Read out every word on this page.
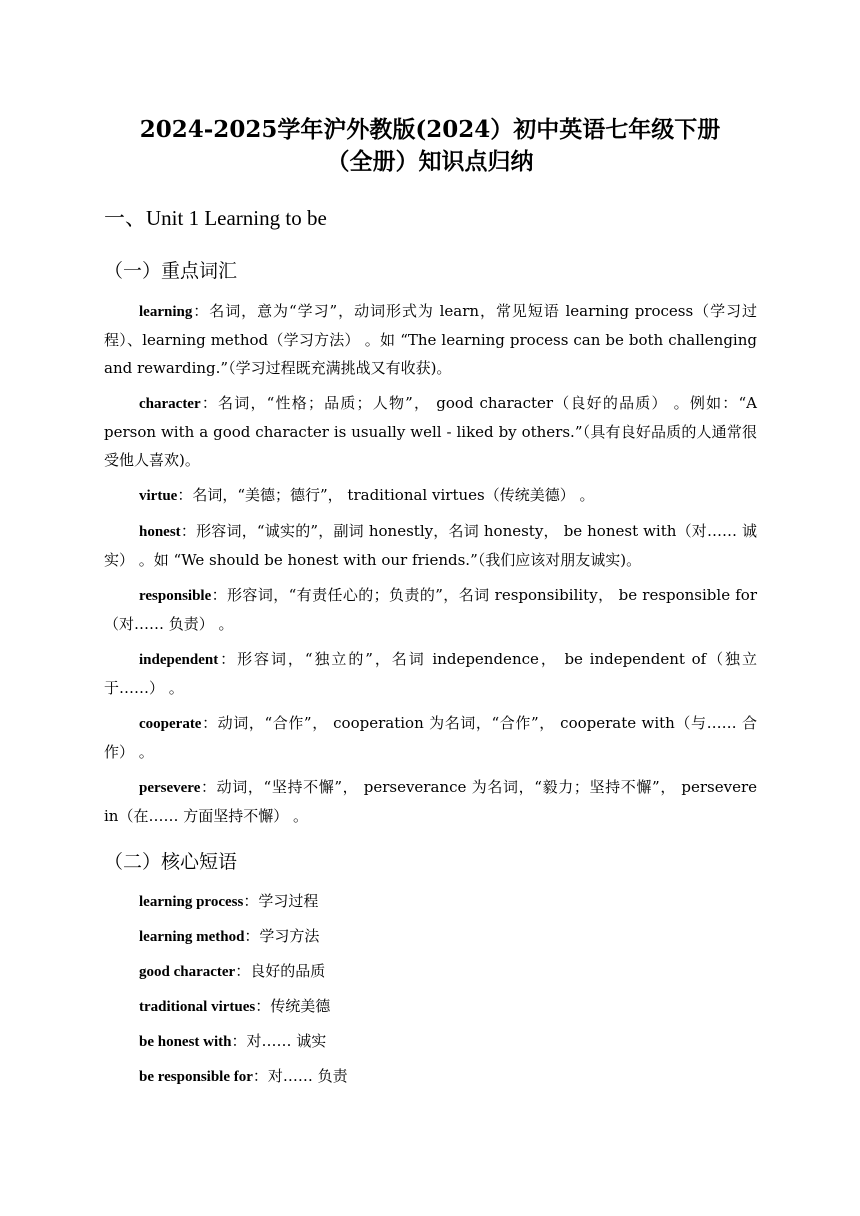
2024-2025学年沪外教版(2024）初中英语七年级下册
（全册）知识点归纳
一、Unit 1 Learning to be
（一）重点词汇

learning：名词，意为“学习”，动词形式为 learn，常见短语 learning process（学习过程）、learning method（学习方法） 。如 “The learning process can be both challenging and rewarding.”（学习过程既充满挑战又有收获)。

character：名词，“性格；品质；人物”， good character（良好的品质） 。例如：“A person with a good character is usually well - liked by others.”（具有良好品质的人通常很受他人喜欢)。

virtue：名词，“美德；德行”， traditional virtues（传统美德） 。

honest：形容词，“诚实的”，副词 honestly，名词 honesty， be honest with（对…… 诚实） 。如 “We should be honest with our friends.”（我们应该对朋友诚实)。

responsible：形容词，“有责任心的；负责的”，名词 responsibility， be responsible for（对…… 负责） 。

independent：形容词，“独立的”，名词 independence， be independent of（独立于……） 。

cooperate：动词，“合作”， cooperation 为名词，“合作”， cooperate with（与…… 合作） 。

persevere：动词，“坚持不懈”， perseverance 为名词，“毅力；坚持不懈”， persevere in（在…… 方面坚持不懈） 。

（二）核心短语
learning process：学习过程
learning method：学习方法
good character：良好的品质
traditional virtues：传统美德
be honest with：对…… 诚实
be responsible for：对…… 负责
